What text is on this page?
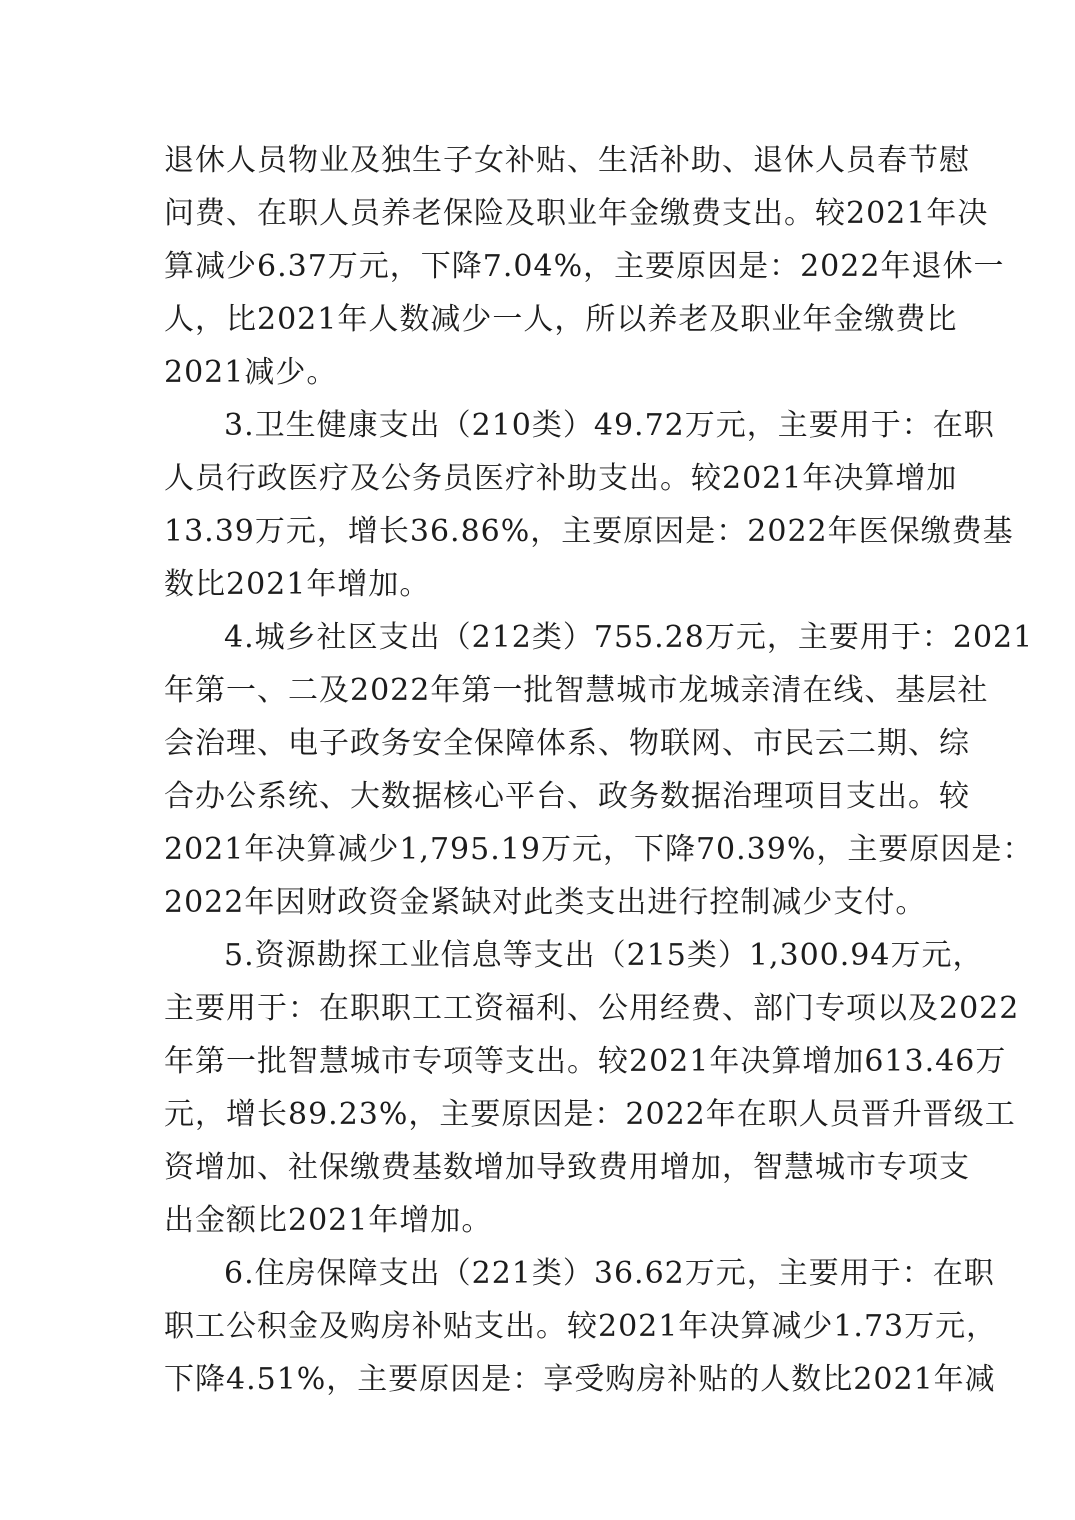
退休人员物业及独生子女补贴、生活补助、退休人员春节慰
问费、在职人员养老保险及职业年金缴费支出。较2021年决
算减少6.37万元，下降7.04%，主要原因是：2022年退休一
人，比2021年人数减少一人，所以养老及职业年金缴费比
2021减少。
3.卫生健康支出（210类）49.72万元，主要用于：在职
人员行政医疗及公务员医疗补助支出。较2021年决算增加
13.39万元，增长36.86%，主要原因是：2022年医保缴费基
数比2021年增加。
4.城乡社区支出（212类）755.28万元，主要用于：2021
年第一、二及2022年第一批智慧城市龙城亲清在线、基层社
会治理、电子政务安全保障体系、物联网、市民云二期、综
合办公系统、大数据核心平台、政务数据治理项目支出。较
2021年决算减少1,795.19万元，下降70.39%，主要原因是：
2022年因财政资金紧缺对此类支出进行控制减少支付。
5.资源勘探工业信息等支出（215类）1,300.94万元，
主要用于：在职职工工资福利、公用经费、部门专项以及2022
年第一批智慧城市专项等支出。较2021年决算增加613.46万
元，增长89.23%，主要原因是：2022年在职人员晋升晋级工
资增加、社保缴费基数增加导致费用增加，智慧城市专项支
出金额比2021年增加。
6.住房保障支出（221类）36.62万元，主要用于：在职
职工公积金及购房补贴支出。较2021年决算减少1.73万元，
下降4.51%，主要原因是：享受购房补贴的人数比2021年减
